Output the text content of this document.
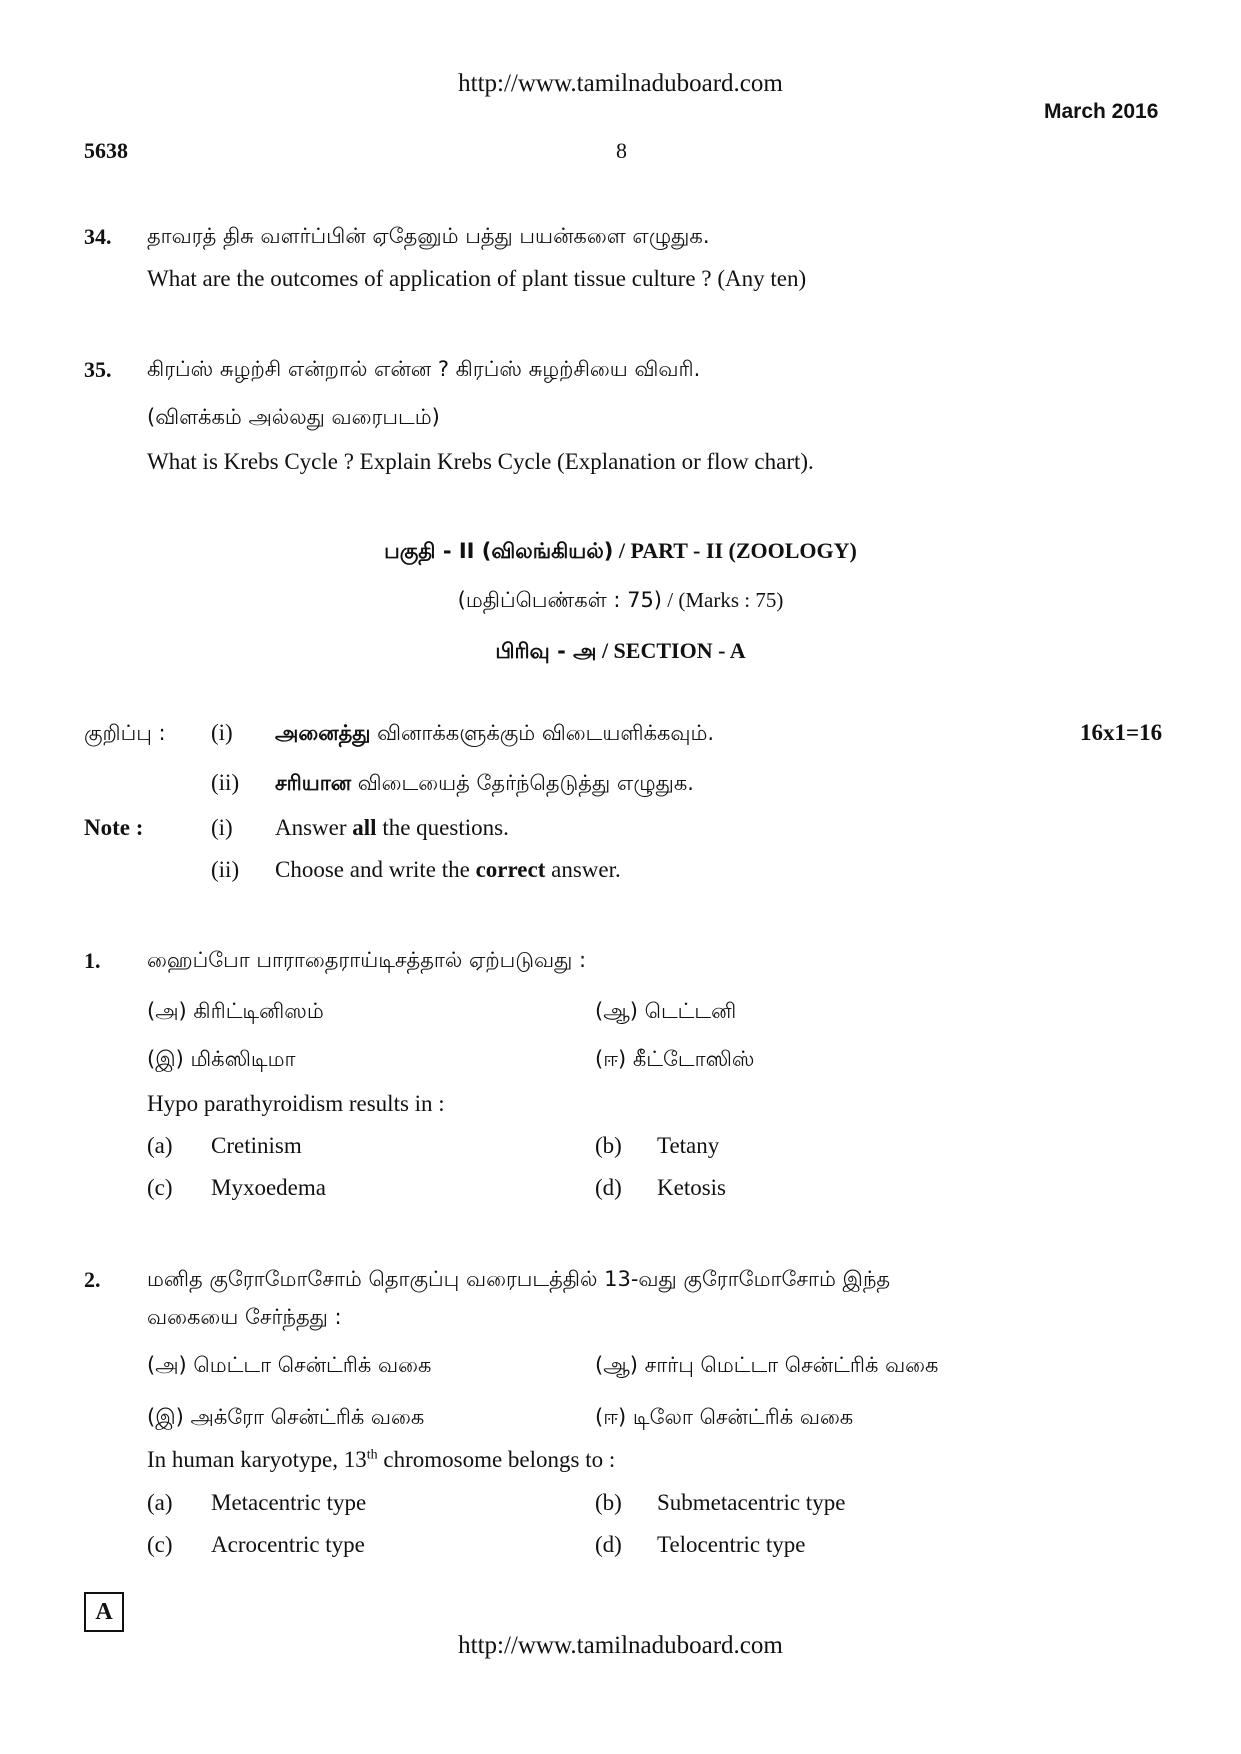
http://www.tamilnaduboard.com
March 2016
5638	8
34. தாவரத் திசு வளர்ப்பின் ஏதேனும் பத்து பயன்களை எழுதுக.
What are the outcomes of application of plant tissue culture ? (Any ten)
35. கிரப்ஸ் சுழற்சி என்றால் என்ன ? கிரப்ஸ் சுழற்சியை விவரி.
(விளக்கம் அல்லது வரைபடம்)
What is Krebs Cycle ? Explain Krebs Cycle (Explanation or flow chart).
பகுதி - II (விலங்கியல்) / PART - II (ZOOLOGY)
(மதிப்பெண்கள் : 75) / (Marks : 75)
பிரிவு - அ / SECTION - A
குறிப்பு : (i) அனைத்து வினாக்களுக்கும் விடையளிக்கவும்.	16x1=16
(ii) சரியான விடையைத் தேர்ந்தெடுத்து எழுதுக.
Note :	(i) Answer all the questions.
(ii) Choose and write the correct answer.
1. ஹைப்போ பாராதைராய்டிசத்தால் ஏற்படுவது :
(அ) கிரிட்டினிஸம்	(ஆ) டெட்டனி
(இ) மிக்ஸிடிமா	(ஈ) கீட்டோஸிஸ்
Hypo parathyroidism results in :
(a) Cretinism	(b) Tetany
(c) Myxoedema	(d) Ketosis
2. மனித குரோமோசோம் தொகுப்பு வரைபடத்தில் 13-வது குரோமோசோம் இந்த
வகையை சேர்ந்தது :
(அ) மெட்டா சென்ட்ரிக் வகை	(ஆ) சார்பு மெட்டா சென்ட்ரிக் வகை
(இ) அக்ரோ சென்ட்ரிக் வகை	(ஈ) டிலோ சென்ட்ரிக் வகை
In human karyotype, 13th chromosome belongs to :
(a) Metacentric type	(b) Submetacentric type
(c) Acrocentric type	(d) Telocentric type
A
http://www.tamilnaduboard.com
